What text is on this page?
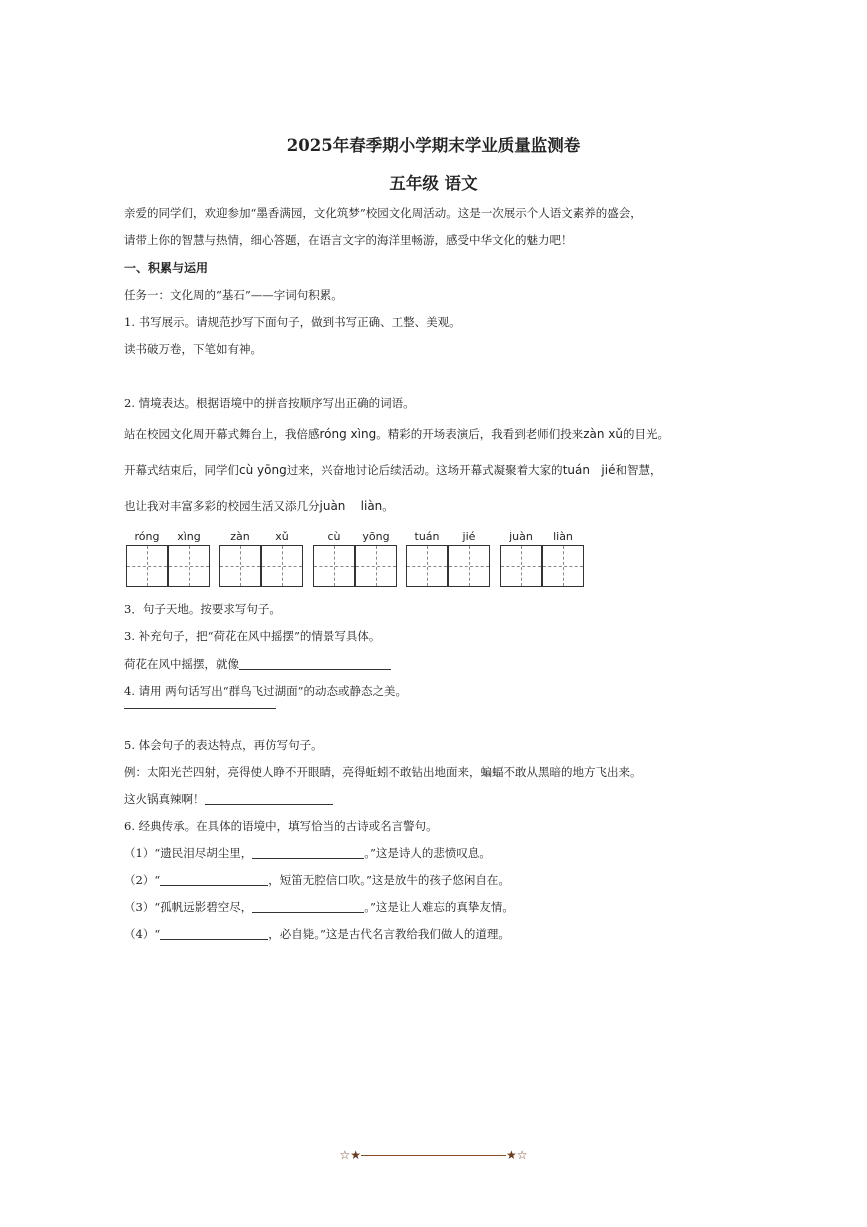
2025年春季期小学期末学业质量监测卷
五年级 语文
亲爱的同学们，欢迎参加“墨香满园，文化筑梦”校园文化周活动。这是一次展示个人语文素养的盛会，
请带上你的智慧与热情，细心答题，在语言文字的海洋里畅游，感受中华文化的魅力吧！
一、积累与运用
任务一：文化周的“基石”——字词句积累。
1. 书写展示。请规范抄写下面句子，做到书写正确、工整、美观。
读书破万卷，下笔如有神。
2. 情境表达。根据语境中的拼音按顺序写出正确的词语。
站在校园文化周开幕式舞台上，我倍感róng xìng。精彩的开场表演后，我看到老师们投来zàn xǔ的目光。
开幕式结束后，同学们cù yōng过来，兴奋地讨论后续活动。这场开幕式凝聚着大家的tuán   jié和智慧，
也让我对丰富多彩的校园生活又添几分juàn    liàn。
róng	xìng	zàn	xǔ	cù	yōng	tuán	jié	juàn	liàn
3．句子天地。按要求写句子。
3. 补充句子，把“荷花在风中摇摆”的情景写具体。
荷花在风中摇摆，就像
4. 请用 两句话写出“群鸟飞过湖面”的动态或静态之美。
5. 体会句子的表达特点，再仿写句子。
例：太阳光芒四射，亮得使人睁不开眼睛，亮得蚯蚓不敢钻出地面来，蝙蝠不敢从黑暗的地方飞出来。
这火锅真辣啊！
6. 经典传承。在具体的语境中，填写恰当的古诗或名言警句。
（1）“遗民泪尽胡尘里，	。”这是诗人的悲愤叹息。
（2）“	，短笛无腔信口吹。”这是放牛的孩子悠闲自在。
（3）“孤帆远影碧空尽，	。”这是让人难忘的真挚友情。
（4）“	，必自毙。”这是古代名言教给我们做人的道理。
☆★	★☆
